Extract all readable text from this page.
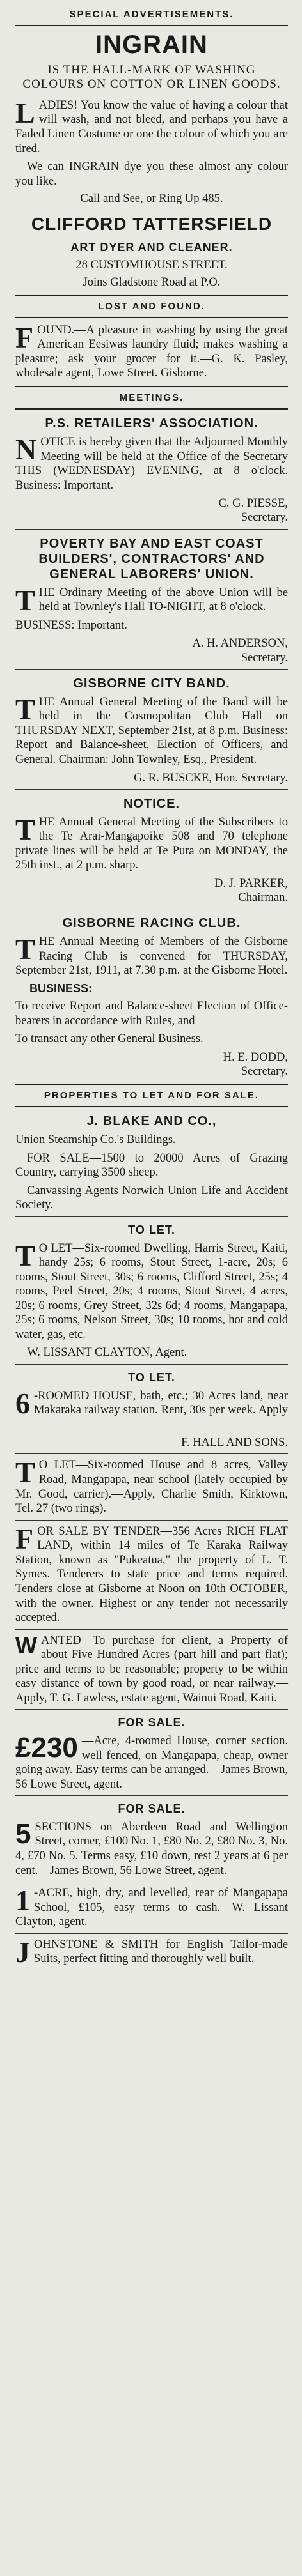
SPECIAL ADVERTISEMENTS.
INGRAIN
IS THE HALL-MARK OF WASHING COLOURS ON COTTON OR LINEN GOODS.
LADIES! You know the value of having a colour that will wash, and not bleed, and perhaps you have a Faded Linen Costume or one the colour of which you are tired.
We can INGRAIN dye you these almost any colour you like.
Call and See, or Ring Up 485.
CLIFFORD TATTERSFIELD
ART DYER AND CLEANER.
28 CUSTOMHOUSE STREET.
Joins Gladstone Road at P.O.
LOST AND FOUND.
FOUND.—A pleasure in washing by using the great American Eesiwas laundry fluid; makes washing a pleasure; ask your grocer for it.—G. K. Pasley, wholesale agent, Lowe Street. Gisborne.
MEETINGS.
P.S. RETAILERS' ASSOCIATION.
NOTICE is hereby given that the Adjourned Monthly Meeting will be held at the Office of the Secretary THIS (WEDNESDAY) EVENING, at 8 o'clock. Business: Important.
C. G. PIESSE,
Secretary.
POVERTY BAY AND EAST COAST BUILDERS', CONTRACTORS' AND GENERAL LABORERS' UNION.
THE Ordinary Meeting of the above Union will be held at Townley's Hall TO-NIGHT, at 8 o'clock.
BUSINESS: Important.
A. H. ANDERSON,
Secretary.
GISBORNE CITY BAND.
THE Annual General Meeting of the Band will be held in the Cosmopolitan Club Hall on THURSDAY NEXT, September 21st, at 8 p.m. Business: Report and Balance-sheet, Election of Officers, and General. Chairman: John Townley, Esq., President.
G. R. BUSCKE, Hon. Secretary.
NOTICE.
THE Annual General Meeting of the Subscribers to the Te Arai-Mangapoike 508 and 70 telephone private lines will be held at Te Pura on MONDAY, the 25th inst., at 2 p.m. sharp.
D. J. PARKER,
Chairman.
GISBORNE RACING CLUB.
THE Annual Meeting of Members of the Gisborne Racing Club is convened for THURSDAY, September 21st, 1911, at 7.30 p.m. at the Gisborne Hotel.
BUSINESS:
To receive Report and Balance-sheet Election of Office-bearers in accordance with Rules, and
To transact any other General Business.
H. E. DODD,
Secretary.
PROPERTIES TO LET AND FOR SALE.
J. BLAKE AND CO.,
Union Steamship Co.'s Buildings.
FOR SALE—1500 to 20000 Acres of Grazing Country, carrying 3500 sheep.
Canvassing Agents Norwich Union Life and Accident Society.
TO LET.
T O LET—Six-roomed Dwelling, Harris Street, Kaiti, handy 25s; 6 rooms, Stout Street, 1-acre, 20s; 6 rooms, Stout Street, 30s; 6 rooms, Clifford Street, 25s; 4 rooms, Peel Street, 20s; 4 rooms, Stout Street, 4 acres, 20s; 6 rooms, Grey Street, 32s 6d; 4 rooms, Mangapapa, 25s; 6 rooms, Nelson Street, 30s; 10 rooms, hot and cold water, gas, etc.
—W. LISSANT CLAYTON, Agent.
TO LET.
6 -ROOMED HOUSE, bath, etc.; 30 Acres land, near Makaraka railway station. Rent, 30s per week. Apply—
F. HALL AND SONS.
T O LET—Six-roomed House and 8 acres, Valley Road, Mangapapa, near school (lately occupied by Mr. Good, carrier).—Apply, Charlie Smith, Kirktown, Tel. 27 (two rings).
FOR SALE BY TENDER—356 Acres RICH FLAT LAND, within 14 miles of Te Karaka Railway Station, known as "Pukeatua," the property of L. T. Symes. Tenderers to state price and terms required. Tenders close at Gisborne at Noon on 10th OCTOBER, with the owner. Highest or any tender not necessarily accepted.
WANTED—To purchase for client, a Property of about Five Hundred Acres (part hill and part flat); price and terms to be reasonable; property to be within easy distance of town by good road, or near railway.—Apply, T. G. Lawless, estate agent, Wainui Road, Kaiti.
FOR SALE.
£230 —Acre, 4-roomed House, corner section. well fenced, on Mangapapa, cheap, owner going away. Easy terms can be arranged.—James Brown, 56 Lowe Street, agent.
FOR SALE.
5 SECTIONS on Aberdeen Road and Wellington Street, corner, £100 No. 1, £80 No. 2, £80 No. 3, No. 4, £70 No. 5. Terms easy, £10 down, rest 2 years at 6 per cent.—James Brown, 56 Lowe Street, agent.
1 -ACRE, high, dry, and levelled, rear of Mangapapa School, £105, easy terms to cash.—W. Lissant Clayton, agent.
JOHNSTONE & SMITH for English Tailor-made Suits, perfect fitting and thoroughly well built.
